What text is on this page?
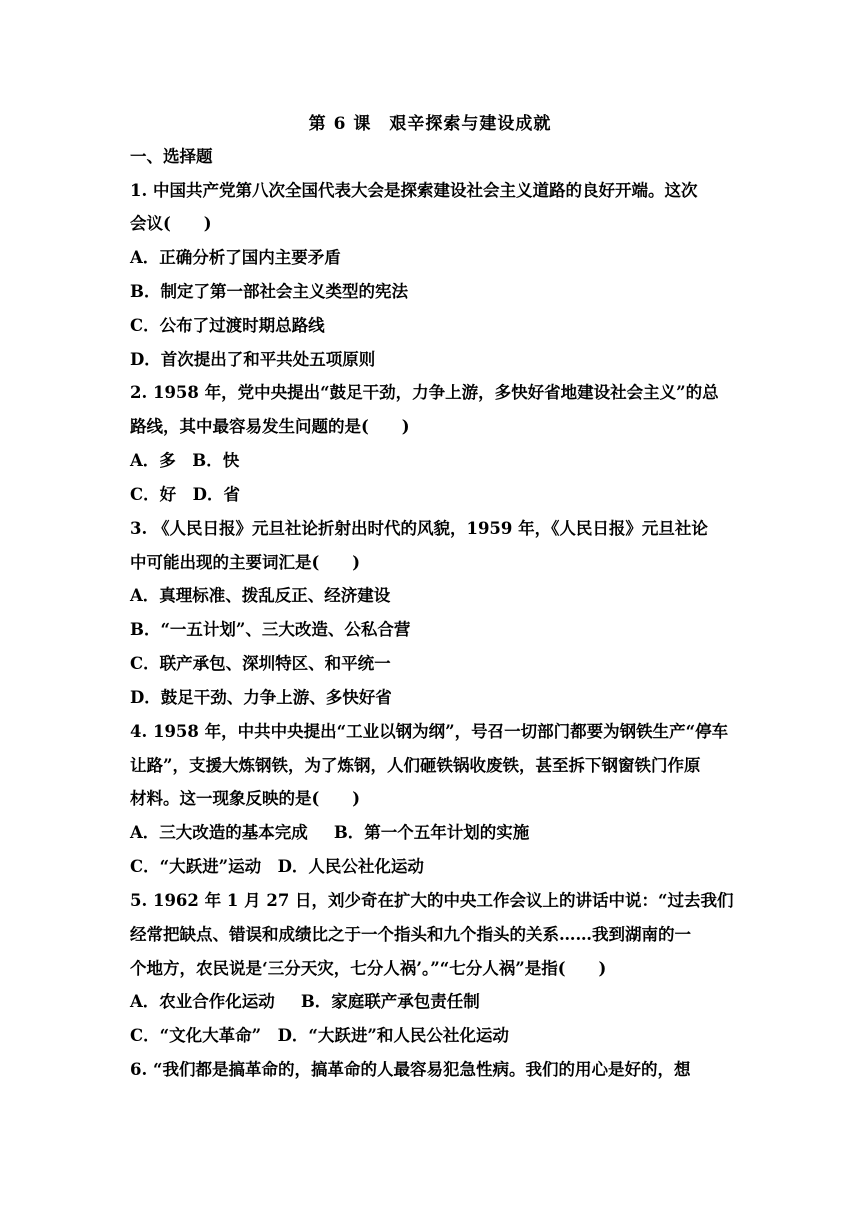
第 6 课　艰辛探索与建设成就
一、选择题
1. 中国共产党第八次全国代表大会是探索建设社会主义道路的良好开端。这次
会议(　　)
A．正确分析了国内主要矛盾
B．制定了第一部社会主义类型的宪法
C．公布了过渡时期总路线
D．首次提出了和平共处五项原则
2. 1958 年，党中央提出“鼓足干劲，力争上游，多快好省地建设社会主义”的总
路线，其中最容易发生问题的是(　　)
A．多　B．快
C．好　D．省
3. 《人民日报》元旦社论折射出时代的风貌，1959 年，《人民日报》元旦社论
中可能出现的主要词汇是(　　)
A．真理标准、拨乱反正、经济建设
B．“一五计划”、三大改造、公私合营
C．联产承包、深圳特区、和平统一
D．鼓足干劲、力争上游、多快好省
4. 1958 年，中共中央提出“工业以钢为纲”，号召一切部门都要为钢铁生产“停车
让路”，支援大炼钢铁，为了炼钢，人们砸铁锅收废铁，甚至拆下钢窗铁门作原
材料。这一现象反映的是(　　)
A．三大改造的基本完成 B．第一个五年计划的实施
C．“大跃进”运动　D．人民公社化运动
5. 1962 年 1 月 27 日，刘少奇在扩大的中央工作会议上的讲话中说：“过去我们
经常把缺点、错误和成绩比之于一个指头和九个指头的关系……我到湖南的一
个地方，农民说是‘三分天灾，七分人祸’。”“七分人祸”是指(　　)
A．农业合作化运动 B．家庭联产承包责任制
C．“文化大革命”　D．“大跃进”和人民公社化运动
6. “我们都是搞革命的，搞革命的人最容易犯急性病。我们的用心是好的，想
